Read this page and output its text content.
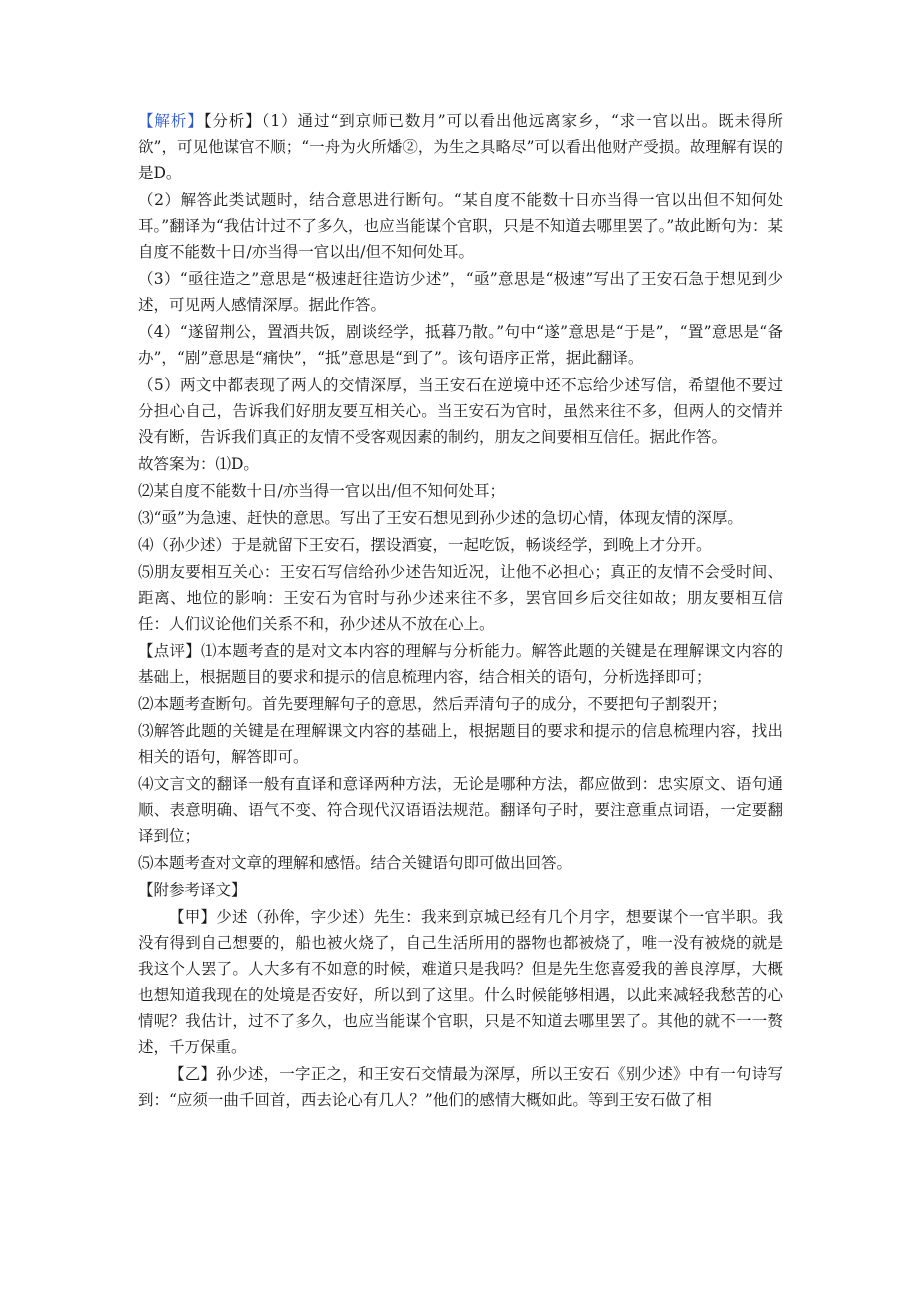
【解析】【分析】（1）通过“到京师已数月”可以看出他远离家乡，“求一官以出。既未得所欲”，可见他谋官不顺；“一舟为火所燔②，为生之具略尽”可以看出他财产受损。故理解有误的是D。

（2）解答此类试题时，结合意思进行断句。“某自度不能数十日亦当得一官以出但不知何处耳。”翻译为“我估计过不了多久，也应当能谋个官职，只是不知道去哪里罢了。”故此断句为：某自度不能数十日/亦当得一官以出/但不知何处耳。

（3）“亟往造之”意思是“极速赶往造访少述”，“亟”意思是“极速”写出了王安石急于想见到少述，可见两人感情深厚。据此作答。

（4）“遂留荆公，置酒共饭，剧谈经学，抵暮乃散。”句中“遂”意思是“于是”，“置”意思是“备办”，“剧”意思是“痛快”，“抵”意思是“到了”。该句语序正常，据此翻译。

（5）两文中都表现了两人的交情深厚，当王安石在逆境中还不忘给少述写信，希望他不要过分担心自己，告诉我们好朋友要互相关心。当王安石为官时，虽然来往不多，但两人的交情并没有断，告诉我们真正的友情不受客观因素的制约，朋友之间要相互信任。据此作答。

故答案为：⑴D。

⑵某自度不能数十日/亦当得一官以出/但不知何处耳；

⑶“亟”为急速、赶快的意思。写出了王安石想见到孙少述的急切心情，体现友情的深厚。

⑷（孙少述）于是就留下王安石，摆设酒宴，一起吃饭，畅谈经学，到晚上才分开。

⑸朋友要相互关心：王安石写信给孙少述告知近况，让他不必担心；真正的友情不会受时间、距离、地位的影响：王安石为官时与孙少述来往不多，罢官回乡后交往如故；朋友要相互信任：人们议论他们关系不和，孙少述从不放在心上。

【点评】⑴本题考查的是对文本内容的理解与分析能力。解答此题的关键是在理解课文内容的基础上，根据题目的要求和提示的信息梳理内容，结合相关的语句，分析选择即可；

⑵本题考查断句。首先要理解句子的意思，然后弄清句子的成分，不要把句子割裂开；

⑶解答此题的关键是在理解课文内容的基础上，根据题目的要求和提示的信息梳理内容，找出相关的语句，解答即可。

⑷文言文的翻译一般有直译和意译两种方法，无论是哪种方法，都应做到：忠实原文、语句通顺、表意明确、语气不变、符合现代汉语语法规范。翻译句子时，要注意重点词语，一定要翻译到位；

⑸本题考查对文章的理解和感悟。结合关键语句即可做出回答。

【附参考译文】

【甲】少述（孙侔，字少述）先生：我来到京城已经有几个月字，想要谋个一官半职。我没有得到自己想要的，船也被火烧了，自己生活所用的器物也都被烧了，唯一没有被烧的就是我这个人罢了。人大多有不如意的时候，难道只是我吗？但是先生您喜爱我的善良淳厚，大概也想知道我现在的处境是否安好，所以到了这里。什么时候能够相遇，以此来减轻我愁苦的心情呢？我估计，过不了多久，也应当能谋个官职，只是不知道去哪里罢了。其他的就不一一赘述，千万保重。

【乙】孙少述，一字正之，和王安石交情最为深厚，所以王安石《别少述》中有一句诗写到：“应须一曲千回首，西去论心有几人？”他们的感情大概如此。等到王安石做了相
